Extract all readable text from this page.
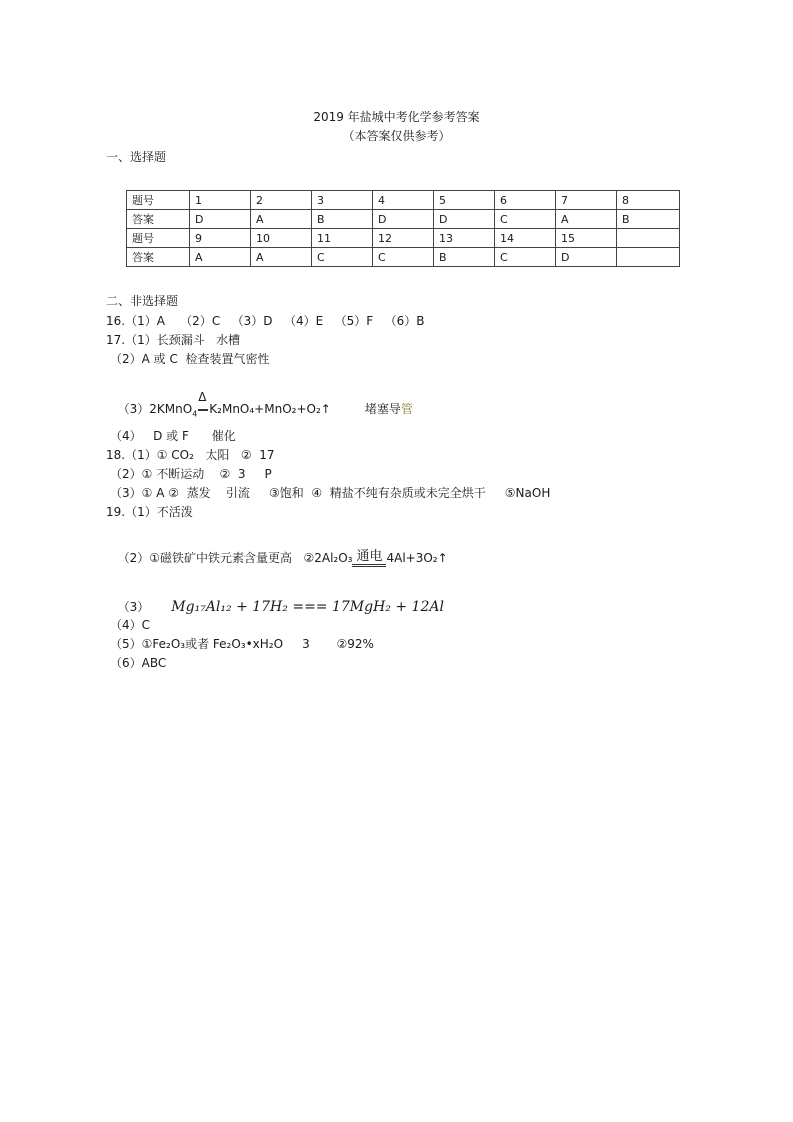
2019 年盐城中考化学参考答案
（本答案仅供参考）
一、选择题
题号	1	2	3	4	5	6	7	8
答案	D	A	B	D	D	C	A	B
题号	9	10	11	12	13	14	15	
答案	A	A	C	C	B	C	D	
二、非选择题
16.（1）A    （2）C   （3）D   （4）E   （5）F   （6）B
17.（1）长颈漏斗   水槽
（2）A 或 C  检查装置气密性

（3）2KMnO$_4$
Δ
K₂MnO₄+MnO₂+O₂↑	堵塞导管

（4）   D 或 F      催化
18.（1）① CO₂   太阳   ②  17
（2）① 不断运动    ②  3     P
（3）① A ②  蒸发    引流     ③饱和  ④  精盐不纯有杂质或未完全烘干     ⑤NaOH
19.（1）不活泼

（2）①磁铁矿中铁元素含量更高   ②2Al₂O₃ 通电 4Al+3O₂↑

（3） Mg₁₇Al₁₂ + 17H₂ === 17MgH₂ + 12Al

（4）C
（5）①Fe₂O₃或者 Fe₂O₃•xH₂O     3       ②92%
（6）ABC
